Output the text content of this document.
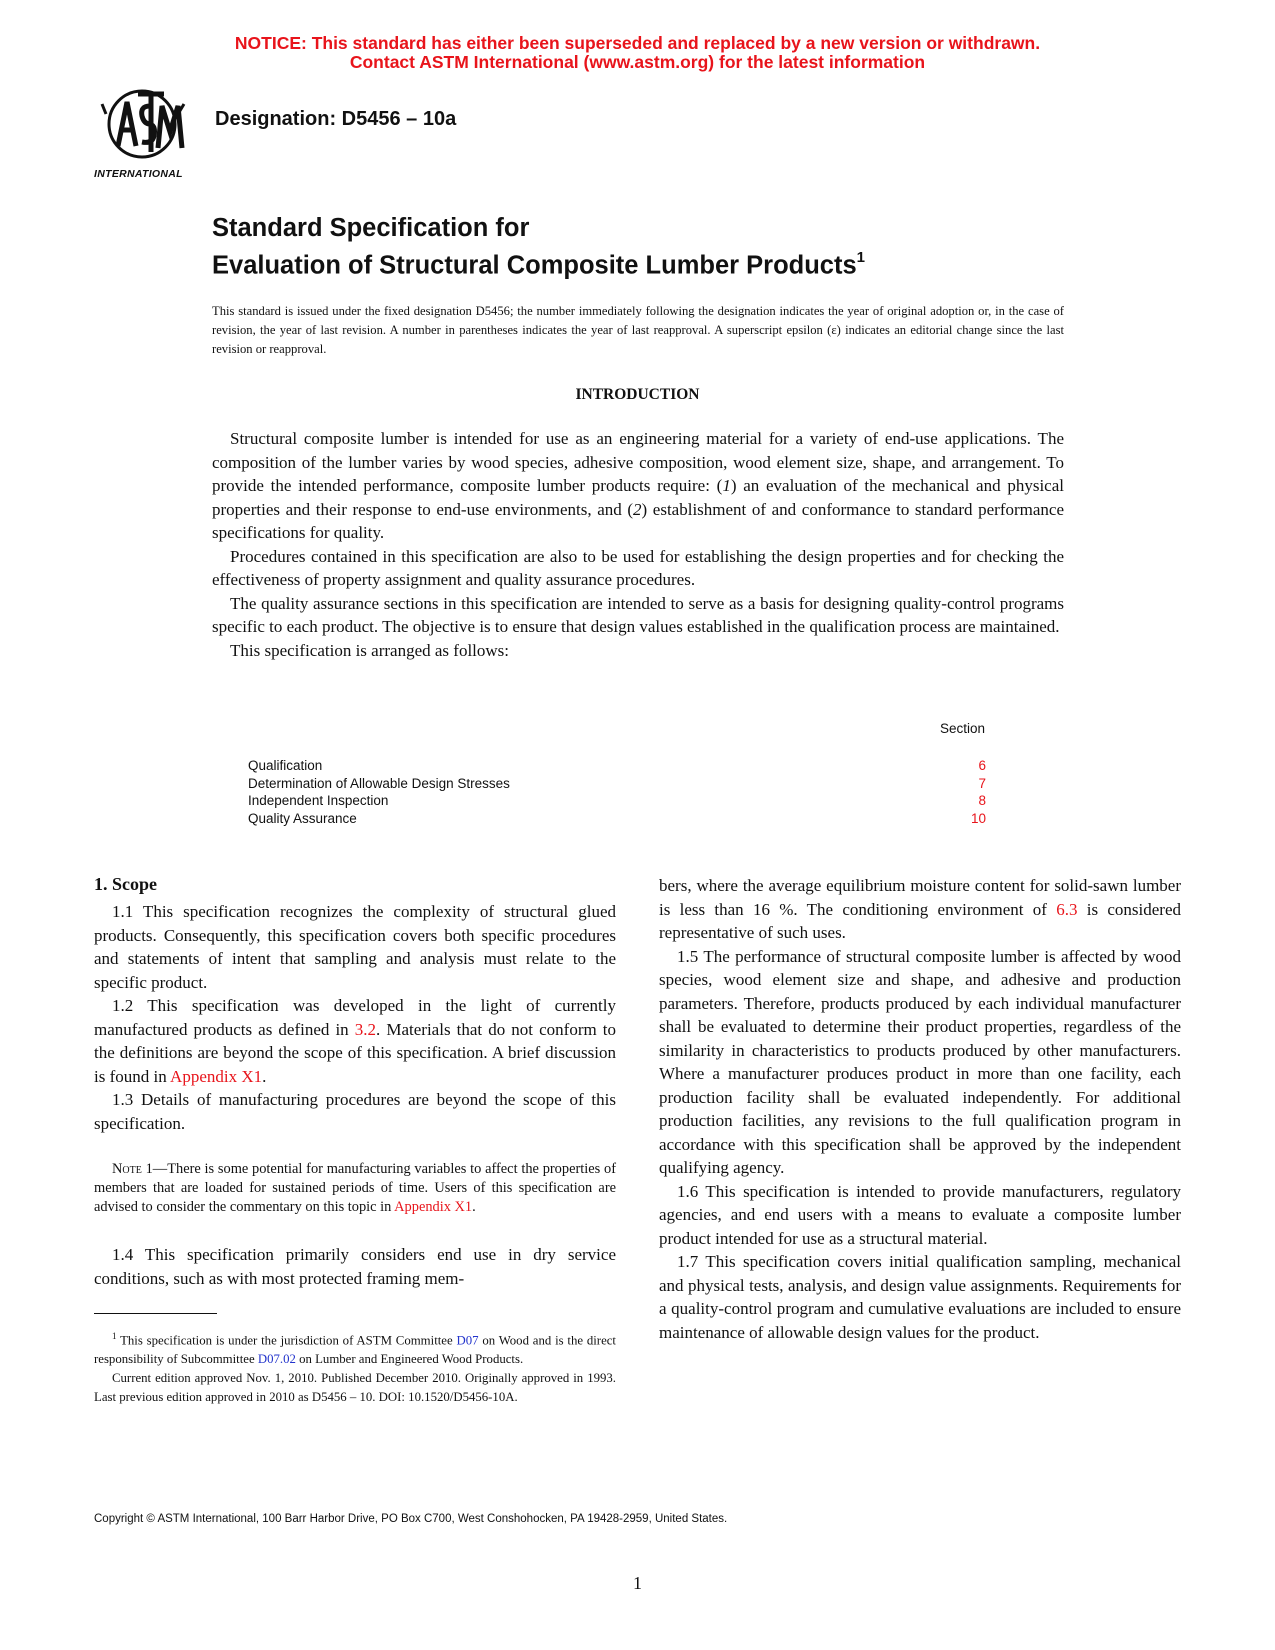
NOTICE: This standard has either been superseded and replaced by a new version or withdrawn.
Contact ASTM International (www.astm.org) for the latest information
INTERNATIONAL
Designation: D5456 – 10a
Standard Specification for
Evaluation of Structural Composite Lumber Products$^1$
This standard is issued under the fixed designation D5456; the number immediately following the designation indicates the year of original adoption or, in the case of revision, the year of last revision. A number in parentheses indicates the year of last reapproval. A superscript epsilon (ε) indicates an editorial change since the last revision or reapproval.
INTRODUCTION

Structural composite lumber is intended for use as an engineering material for a variety of end-use applications. The composition of the lumber varies by wood species, adhesive composition, wood element size, shape, and arrangement. To provide the intended performance, composite lumber products require: (1) an evaluation of the mechanical and physical properties and their response to end-use environments, and (2) establishment of and conformance to standard performance specifications for quality.

Procedures contained in this specification are also to be used for establishing the design properties and for checking the effectiveness of property assignment and quality assurance procedures.

The quality assurance sections in this specification are intended to serve as a basis for designing quality-control programs specific to each product. The objective is to ensure that design values established in the qualification process are maintained.

This specification is arranged as follows:

Section
Qualification	6
Determination of Allowable Design Stresses	7
Independent Inspection	8
Quality Assurance	10
1. Scope

1.1 This specification recognizes the complexity of structural glued products. Consequently, this specification covers both specific procedures and statements of intent that sampling and analysis must relate to the specific product.

1.2 This specification was developed in the light of currently manufactured products as defined in 3.2. Materials that do not conform to the definitions are beyond the scope of this specification. A brief discussion is found in Appendix X1.

1.3 Details of manufacturing procedures are beyond the scope of this specification.

Note 1—There is some potential for manufacturing variables to affect the properties of members that are loaded for sustained periods of time. Users of this specification are advised to consider the commentary on this topic in Appendix X1.

1.4 This specification primarily considers end use in dry service conditions, such as with most protected framing mem-

$^1$ This specification is under the jurisdiction of ASTM Committee D07 on Wood and is the direct responsibility of Subcommittee D07.02 on Lumber and Engineered Wood Products.

Current edition approved Nov. 1, 2010. Published December 2010. Originally approved in 1993. Last previous edition approved in 2010 as D5456 – 10. DOI: 10.1520/D5456-10A.

bers, where the average equilibrium moisture content for solid-sawn lumber is less than 16 %. The conditioning environment of 6.3 is considered representative of such uses.

1.5 The performance of structural composite lumber is affected by wood species, wood element size and shape, and adhesive and production parameters. Therefore, products produced by each individual manufacturer shall be evaluated to determine their product properties, regardless of the similarity in characteristics to products produced by other manufacturers. Where a manufacturer produces product in more than one facility, each production facility shall be evaluated independently. For additional production facilities, any revisions to the full qualification program in accordance with this specification shall be approved by the independent qualifying agency.

1.6 This specification is intended to provide manufacturers, regulatory agencies, and end users with a means to evaluate a composite lumber product intended for use as a structural material.

1.7 This specification covers initial qualification sampling, mechanical and physical tests, analysis, and design value assignments. Requirements for a quality-control program and cumulative evaluations are included to ensure maintenance of allowable design values for the product.

Copyright © ASTM International, 100 Barr Harbor Drive, PO Box C700, West Conshohocken, PA 19428-2959, United States.
1
